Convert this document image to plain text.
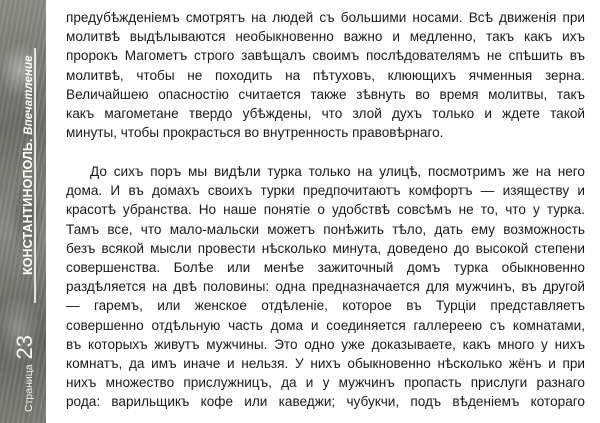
КОНСТАНТИНОПОЛЬ. Впечатление
Страница 23

предубѣжденіемъ смотрятъ на людей съ большими носами. Всѣ движенія при
молитвѣ выдѣлываются необыкновенно важно и медленно, такъ какъ ихъ
пророкъ Магометъ строго завѣщалъ своимъ послѣдователямъ не спѣшить въ
молитвѣ, чтобы не походить на пѣтуховъ, клюющихъ ячменныя зерна.
Величайшею опасностію считается также зѣвнуть во время молитвы, такъ
какъ магометане твердо убѣждены, что злой духъ только и ждете такой
минуты, чтобы прокрасться во внутренность правовѣрнаго.

До сихъ поръ мы видѣли турка только на улицѣ, посмотримъ же на него
дома. И въ домахъ своихъ турки предпочитаютъ комфортъ — изяществу и
красотѣ убранства. Но наше понятіе о удобствѣ совсѣмъ не то, что у турка.
Тамъ все, что мало-мальски можетъ понѣжить тѣло, дать ему возможность
безъ всякой мысли провести нѣсколько минута, доведено до высокой степени
совершенства. Болѣе или менѣе зажиточный домъ турка обыкновенно
раздѣляется на двѣ половины: одна предназначается для мужчинъ, въ другой
— гаремъ, или женское отдѣленіе, которое въ Турціи представляетъ
совершенно отдѣльную часть дома и соединяется галлереею съ комнатами,
въ которыхъ живутъ мужчины. Это одно уже доказываете, какъ много у нихъ
комнатъ, да имъ иначе и нельзя. У нихъ обыкновенно нѣсколько жёнъ и при
нихъ множество прислужницъ, да и у мужчинъ пропасть прислуги разнаго
рода: варильщикъ кофе или каведжи; чубукчи, подъ вѣденіемъ котораго
